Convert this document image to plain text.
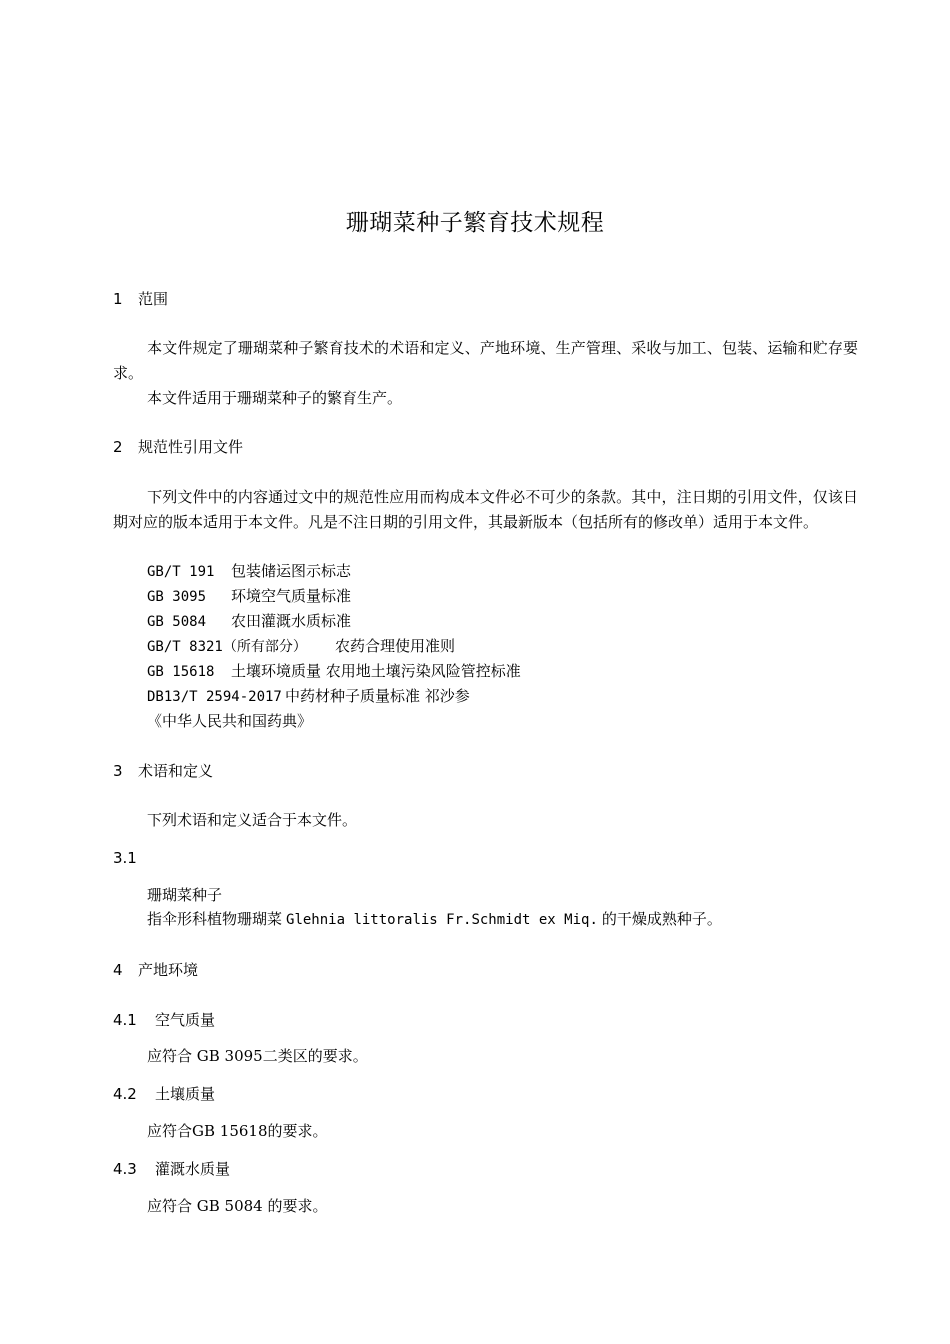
珊瑚菜种子繁育技术规程
1 范围
本文件规定了珊瑚菜种子繁育技术的术语和定义、产地环境、生产管理、采收与加工、包装、运输和贮存要求。
本文件适用于珊瑚菜种子的繁育生产。
2 规范性引用文件
下列文件中的内容通过文中的规范性应用而构成本文件必不可少的条款。其中，注日期的引用文件，仅该日期对应的版本适用于本文件。凡是不注日期的引用文件，其最新版本（包括所有的修改单）适用于本文件。
GB/T 191 包装储运图示标志
GB 3095 环境空气质量标准
GB 5084 农田灌溉水质标准
GB/T 8321（所有部分） 农药合理使用准则
GB 15618 土壤环境质量 农用地土壤污染风险管控标准
DB13/T 2594-2017 中药材种子质量标准 祁沙参
《中华人民共和国药典》
3 术语和定义
下列术语和定义适合于本文件。
3.1
珊瑚菜种子
指伞形科植物珊瑚菜 Glehnia littoralis Fr.Schmidt ex Miq. 的干燥成熟种子。
4 产地环境
4.1 空气质量
应符合 GB 3095二类区的要求。
4.2 土壤质量
应符合GB 15618的要求。
4.3 灌溉水质量
应符合 GB 5084 的要求。
